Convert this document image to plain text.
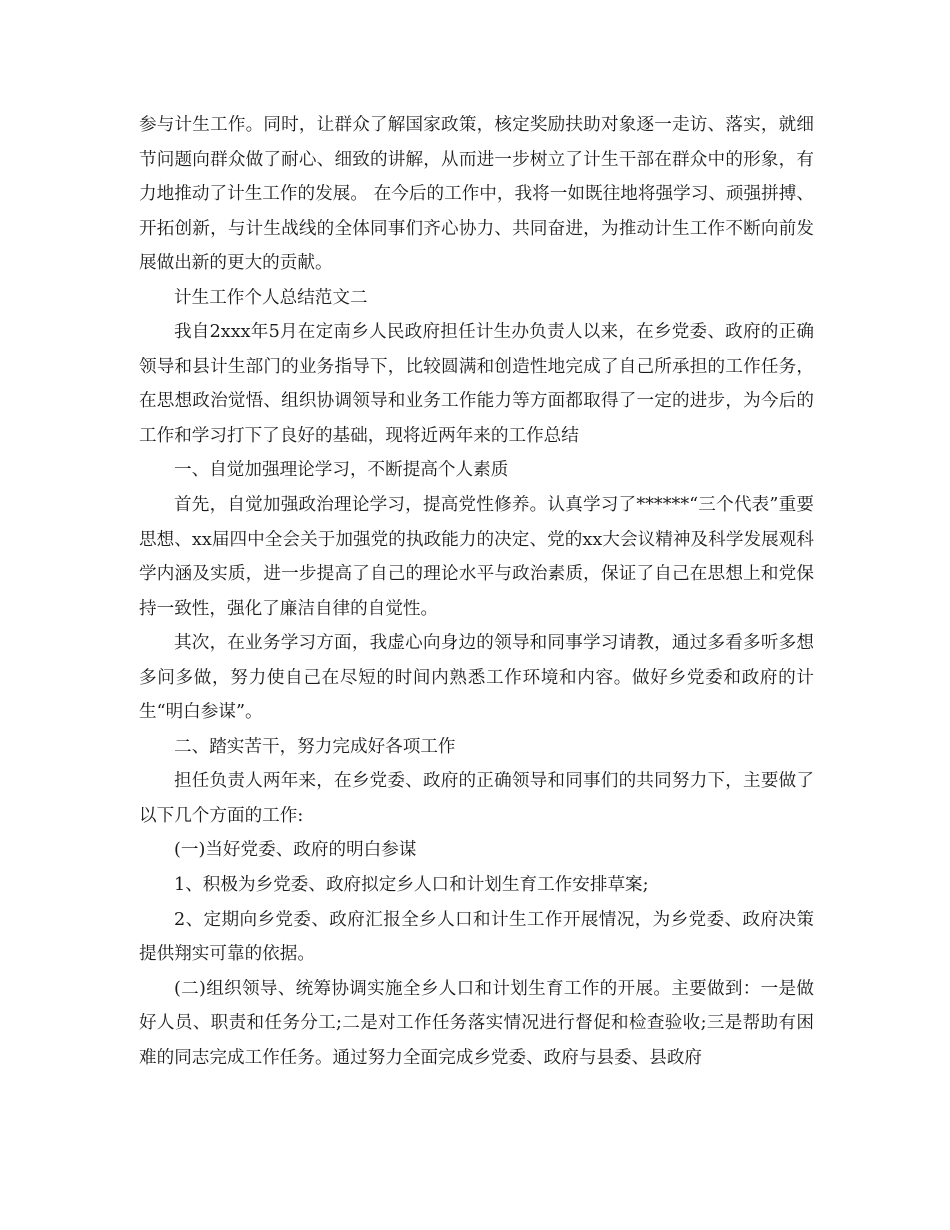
参与计生工作。同时，让群众了解国家政策，核定奖励扶助对象逐一走访、落实，就细节问题向群众做了耐心、细致的讲解，从而进一步树立了计生干部在群众中的形象，有力地推动了计生工作的发展。 在今后的工作中，我将一如既往地将强学习、顽强拼搏、开拓创新，与计生战线的全体同事们齐心协力、共同奋进，为推动计生工作不断向前发展做出新的更大的贡献。

计生工作个人总结范文二

我自2xxx年5月在定南乡人民政府担任计生办负责人以来，在乡党委、政府的正确领导和县计生部门的业务指导下，比较圆满和创造性地完成了自己所承担的工作任务，在思想政治觉悟、组织协调领导和业务工作能力等方面都取得了一定的进步，为今后的工作和学习打下了良好的基础，现将近两年来的工作总结

一、自觉加强理论学习，不断提高个人素质

首先，自觉加强政治理论学习，提高党性修养。认真学习了******“三个代表”重要思想、xx届四中全会关于加强党的执政能力的决定、党的xx大会议精神及科学发展观科学内涵及实质，进一步提高了自己的理论水平与政治素质，保证了自己在思想上和党保持一致性，强化了廉洁自律的自觉性。

其次，在业务学习方面，我虚心向身边的领导和同事学习请教，通过多看多听多想多问多做，努力使自己在尽短的时间内熟悉工作环境和内容。做好乡党委和政府的计生“明白参谋”。

二、踏实苦干，努力完成好各项工作

担任负责人两年来，在乡党委、政府的正确领导和同事们的共同努力下，主要做了以下几个方面的工作:

(一)当好党委、政府的明白参谋

1、积极为乡党委、政府拟定乡人口和计划生育工作安排草案;

2、定期向乡党委、政府汇报全乡人口和计生工作开展情况，为乡党委、政府决策提供翔实可靠的依据。

(二)组织领导、统筹协调实施全乡人口和计划生育工作的开展。主要做到：一是做好人员、职责和任务分工;二是对工作任务落实情况进行督促和检查验收;三是帮助有困难的同志完成工作任务。通过努力全面完成乡党委、政府与县委、县政府
